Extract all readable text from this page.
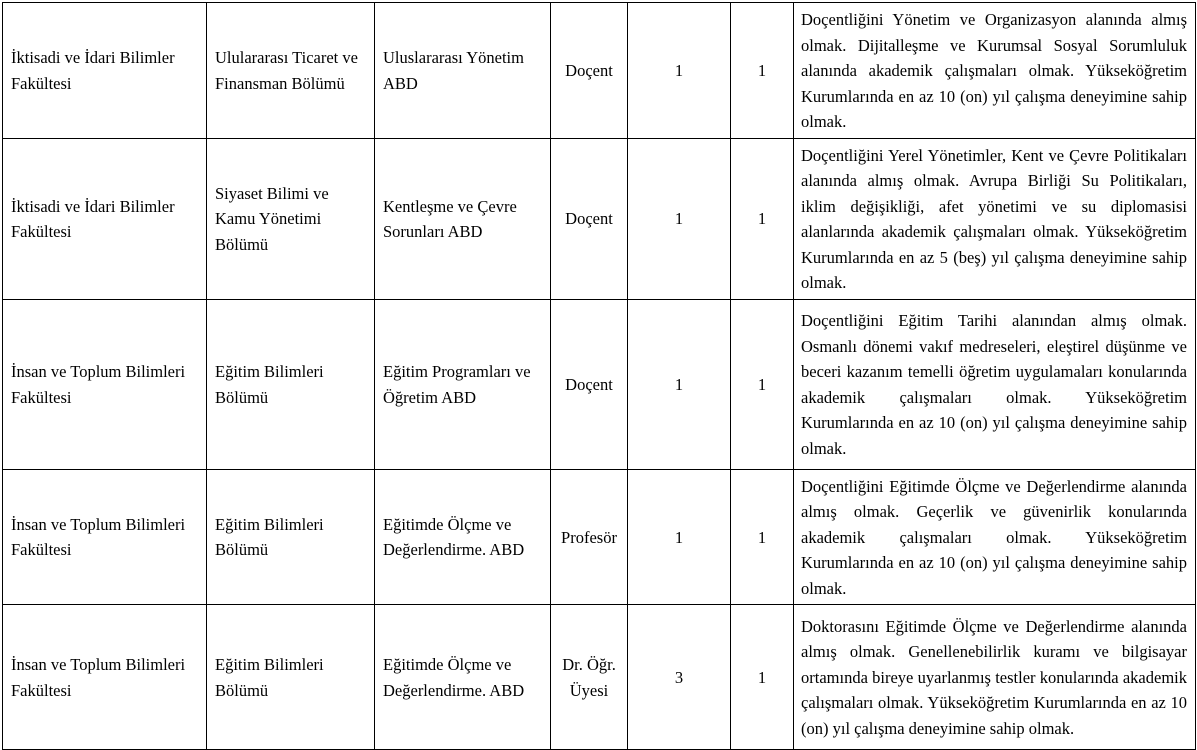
İktisadi ve İdari Bilimler Fakültesi	Ululararası Ticaret ve Finansman Bölümü	Uluslararası Yönetim ABD	Doçent	1	1	Doçentliğini Yönetim ve Organizasyon alanında almış olmak. Dijitalleşme ve Kurumsal Sosyal Sorumluluk alanında akademik çalışmaları olmak. Yükseköğretim Kurumlarında en az 10 (on) yıl çalışma deneyimine sahip olmak.
İktisadi ve İdari Bilimler Fakültesi	Siyaset Bilimi ve Kamu Yönetimi Bölümü	Kentleşme ve Çevre Sorunları ABD	Doçent	1	1	Doçentliğini Yerel Yönetimler, Kent ve Çevre Politikaları alanında almış olmak. Avrupa Birliği Su Politikaları, iklim değişikliği, afet yönetimi ve su diplomasisi alanlarında akademik çalışmaları olmak. Yükseköğretim Kurumlarında en az 5 (beş) yıl çalışma deneyimine sahip olmak.
İnsan ve Toplum Bilimleri Fakültesi	Eğitim Bilimleri Bölümü	Eğitim Programları ve Öğretim ABD	Doçent	1	1	Doçentliğini Eğitim Tarihi alanından almış olmak. Osmanlı dönemi vakıf medreseleri, eleştirel düşünme ve beceri kazanım temelli öğretim uygulamaları konularında akademik çalışmaları olmak. Yükseköğretim Kurumlarında en az 10 (on) yıl çalışma deneyimine sahip olmak.
İnsan ve Toplum Bilimleri Fakültesi	Eğitim Bilimleri Bölümü	Eğitimde Ölçme ve Değerlendirme. ABD	Profesör	1	1	Doçentliğini Eğitimde Ölçme ve Değerlendirme alanında almış olmak. Geçerlik ve güvenirlik konularında akademik çalışmaları olmak. Yükseköğretim Kurumlarında en az 10 (on) yıl çalışma deneyimine sahip olmak.
İnsan ve Toplum Bilimleri Fakültesi	Eğitim Bilimleri Bölümü	Eğitimde Ölçme ve Değerlendirme. ABD	Dr. Öğr. Üyesi	3	1	Doktorasını Eğitimde Ölçme ve Değerlendirme alanında almış olmak. Genellenebilirlik kuramı ve bilgisayar ortamında bireye uyarlanmış testler konularında akademik çalışmaları olmak. Yükseköğretim Kurumlarında en az 10 (on) yıl çalışma deneyimine sahip olmak.
